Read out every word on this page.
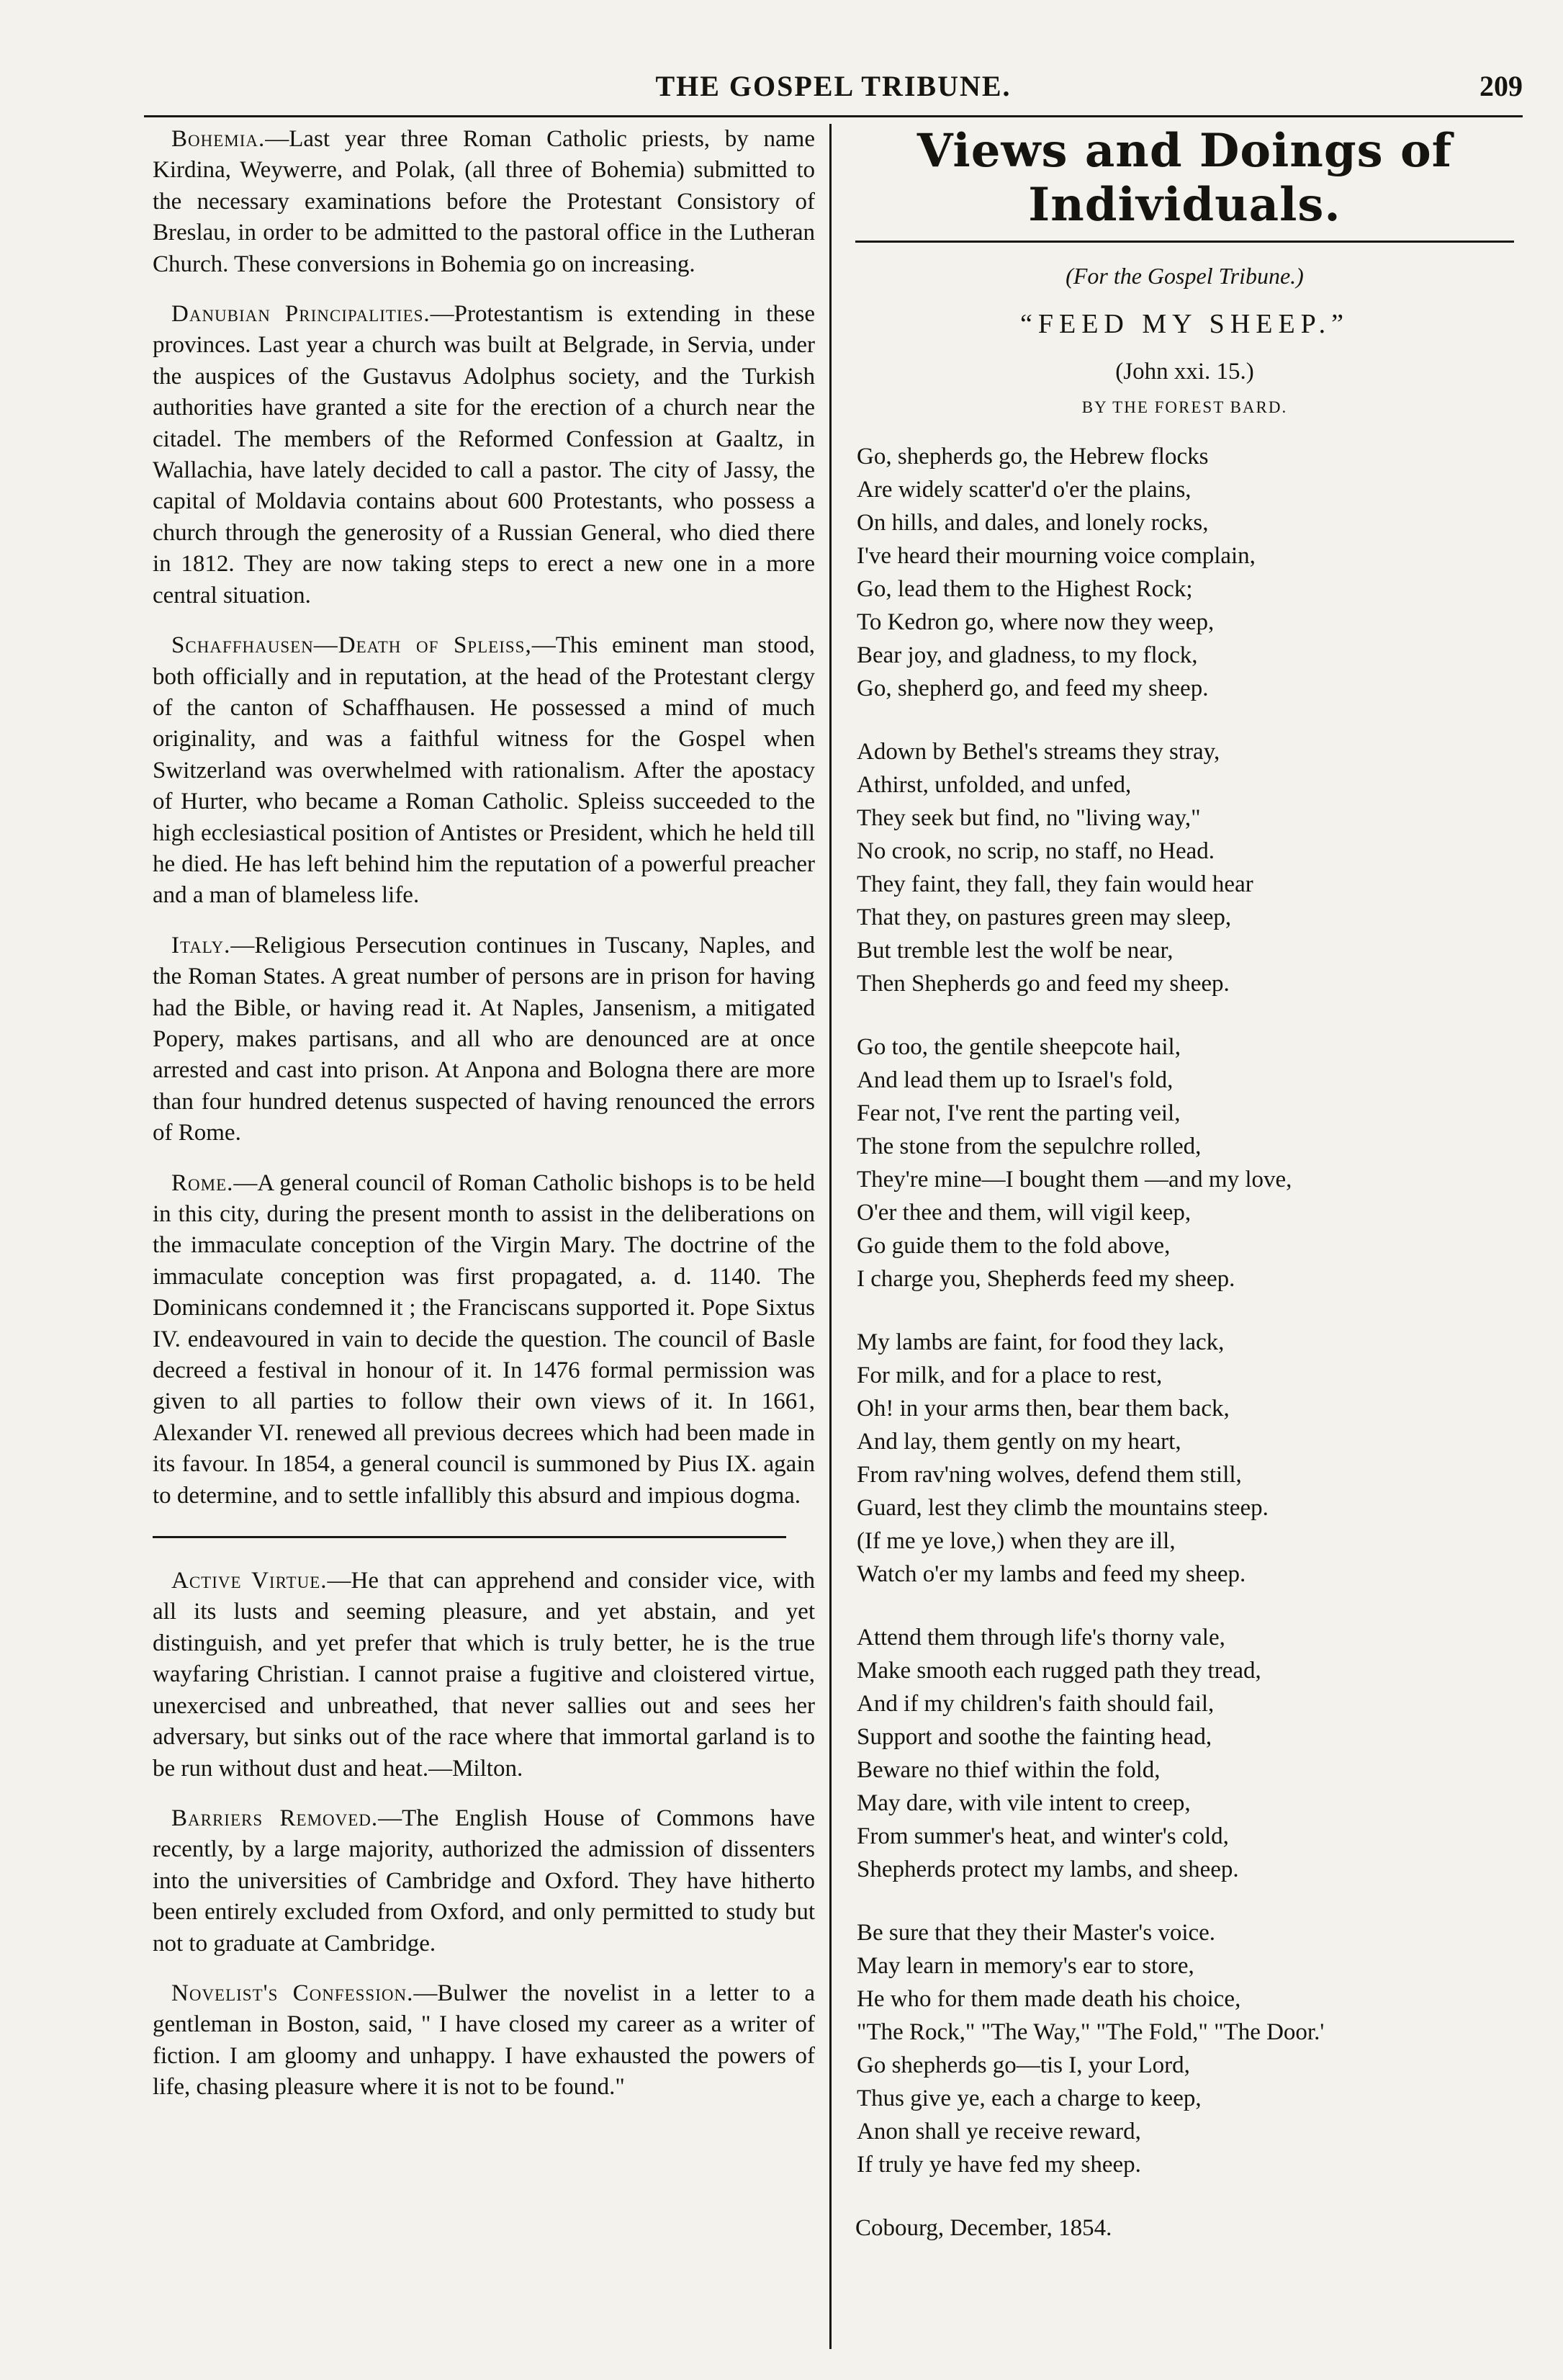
THE GOSPEL TRIBUNE.	209

Bohemia.—Last year three Roman Catholic priests, by name Kirdina, Weywerre, and Polak, (all three of Bohemia) submitted to the necessary examinations before the Protestant Consistory of Breslau, in order to be admitted to the pastoral office in the Lutheran Church. These conversions in Bohemia go on increasing.

Danubian Principalities.—Protestantism is extending in these provinces. Last year a church was built at Belgrade, in Servia, under the auspices of the Gustavus Adolphus society, and the Turkish authorities have granted a site for the erection of a church near the citadel. The members of the Reformed Confession at Gaaltz, in Wallachia, have lately decided to call a pastor. The city of Jassy, the capital of Moldavia contains about 600 Protestants, who possess a church through the generosity of a Russian General, who died there in 1812. They are now taking steps to erect a new one in a more central situation.

Schaffhausen—Death of Spleiss,—This eminent man stood, both officially and in reputation, at the head of the Protestant clergy of the canton of Schaffhausen. He possessed a mind of much originality, and was a faithful witness for the Gospel when Switzerland was overwhelmed with rationalism. After the apostacy of Hurter, who became a Roman Catholic. Spleiss succeeded to the high ecclesiastical position of Antistes or President, which he held till he died. He has left behind him the reputation of a powerful preacher and a man of blameless life.

Italy.—Religious Persecution continues in Tuscany, Naples, and the Roman States. A great number of persons are in prison for having had the Bible, or having read it. At Naples, Jansenism, a mitigated Popery, makes partisans, and all who are denounced are at once arrested and cast into prison. At Anpona and Bologna there are more than four hundred detenus suspected of having renounced the errors of Rome.

Rome.—A general council of Roman Catholic bishops is to be held in this city, during the present month to assist in the deliberations on the immaculate conception of the Virgin Mary. The doctrine of the immaculate conception was first propagated, a. d. 1140. The Dominicans condemned it ; the Franciscans supported it. Pope Sixtus IV. endeavoured in vain to decide the question. The council of Basle decreed a festival in honour of it. In 1476 formal permission was given to all parties to follow their own views of it. In 1661, Alexander VI. renewed all previous decrees which had been made in its favour. In 1854, a general council is summoned by Pius IX. again to determine, and to settle infallibly this absurd and impious dogma.

Active Virtue.—He that can apprehend and consider vice, with all its lusts and seeming pleasure, and yet abstain, and yet distinguish, and yet prefer that which is truly better, he is the true wayfaring Christian. I cannot praise a fugitive and cloistered virtue, unexercised and unbreathed, that never sallies out and sees her adversary, but sinks out of the race where that immortal garland is to be run without dust and heat.—Milton.

Barriers Removed.—The English House of Commons have recently, by a large majority, authorized the admission of dissenters into the universities of Cambridge and Oxford. They have hitherto been entirely excluded from Oxford, and only permitted to study but not to graduate at Cambridge.

Novelist's Confession.—Bulwer the novelist in a letter to a gentleman in Boston, said, " I have closed my career as a writer of fiction. I am gloomy and unhappy. I have exhausted the powers of life, chasing pleasure where it is not to be found."

Views and Doings of Individuals.
(For the Gospel Tribune.)
“FEED MY SHEEP.”
(John xxi. 15.)
BY THE FOREST BARD.
Go, shepherds go, the Hebrew flocks
Are widely scatter'd o'er the plains,
On hills, and dales, and lonely rocks,
I've heard their mourning voice complain,
Go, lead them to the Highest Rock;
To Kedron go, where now they weep,
Bear joy, and gladness, to my flock,
Go, shepherd go, and feed my sheep.
Adown by Bethel's streams they stray,
Athirst, unfolded, and unfed,
They seek but find, no "living way,"
No crook, no scrip, no staff, no Head.
They faint, they fall, they fain would hear
That they, on pastures green may sleep,
But tremble lest the wolf be near,
Then Shepherds go and feed my sheep.
Go too, the gentile sheepcote hail,
And lead them up to Israel's fold,
Fear not, I've rent the parting veil,
The stone from the sepulchre rolled,
They're mine—I bought them —and my love,
O'er thee and them, will vigil keep,
Go guide them to the fold above,
I charge you, Shepherds feed my sheep.
My lambs are faint, for food they lack,
For milk, and for a place to rest,
Oh! in your arms then, bear them back,
And lay, them gently on my heart,
From rav'ning wolves, defend them still,
Guard, lest they climb the mountains steep.
(If me ye love,) when they are ill,
Watch o'er my lambs and feed my sheep.
Attend them through life's thorny vale,
Make smooth each rugged path they tread,
And if my children's faith should fail,
Support and soothe the fainting head,
Beware no thief within the fold,
May dare, with vile intent to creep,
From summer's heat, and winter's cold,
Shepherds protect my lambs, and sheep.
Be sure that they their Master's voice.
May learn in memory's ear to store,
He who for them made death his choice,
"The Rock," "The Way," "The Fold," "The Door.'
Go shepherds go—tis I, your Lord,
Thus give ye, each a charge to keep,
Anon shall ye receive reward,
If truly ye have fed my sheep.
Cobourg, December, 1854.
